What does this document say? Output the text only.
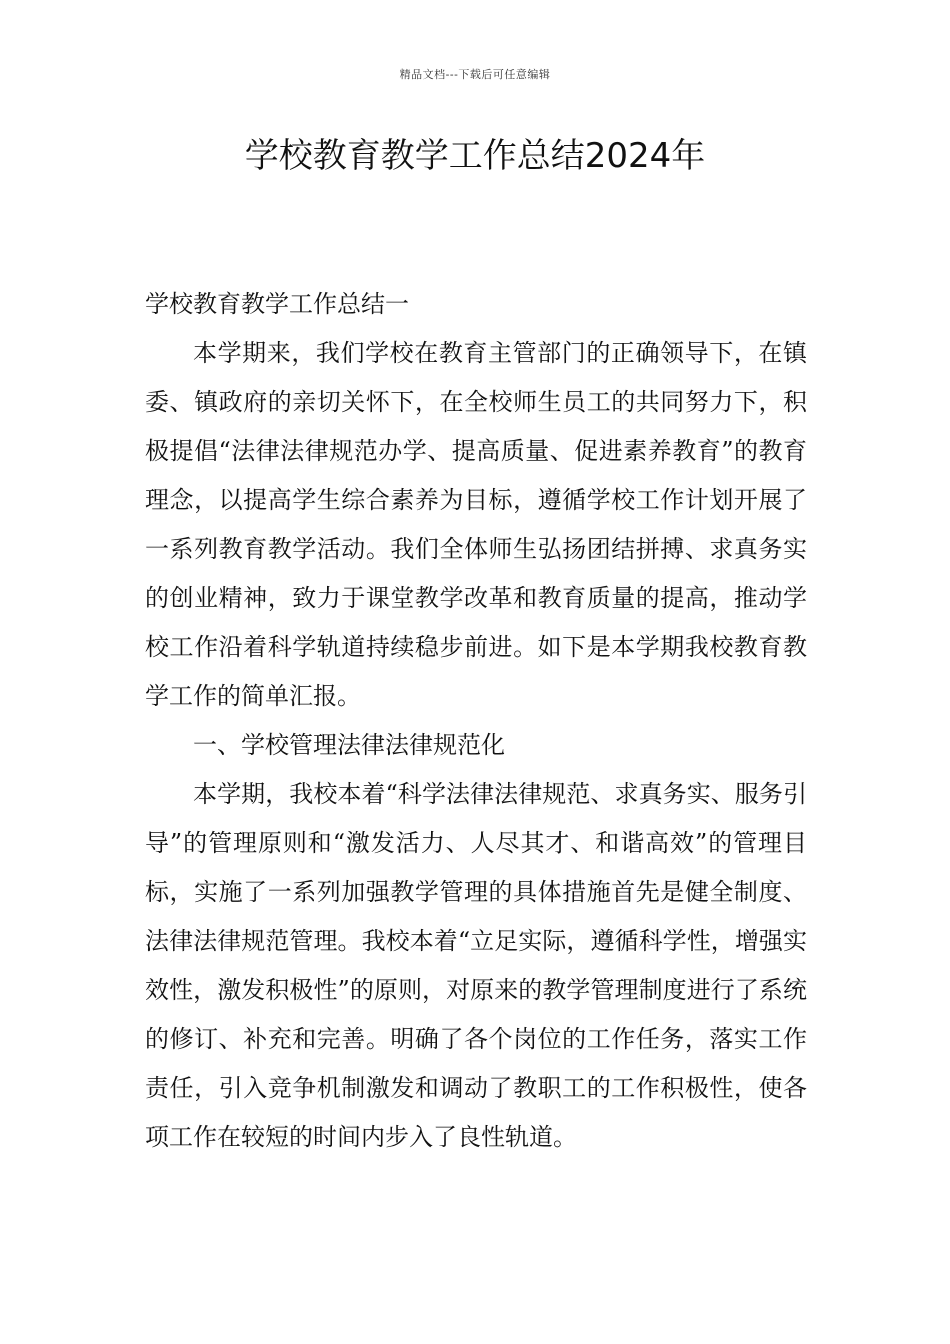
精品文档---下载后可任意编辑
学校教育教学工作总结2024年

学校教育教学工作总结一

本学期来，我们学校在教育主管部门的正确领导下，在镇委、镇政府的亲切关怀下，在全校师生员工的共同努力下，积极提倡“法律法律规范办学、提高质量、促进素养教育”的教育理念，以提高学生综合素养为目标，遵循学校工作计划开展了一系列教育教学活动。我们全体师生弘扬团结拼搏、求真务实的创业精神，致力于课堂教学改革和教育质量的提高，推动学校工作沿着科学轨道持续稳步前进。如下是本学期我校教育教学工作的简单汇报。

一、学校管理法律法律规范化

本学期，我校本着“科学法律法律规范、求真务实、服务引导”的管理原则和“激发活力、人尽其才、和谐高效”的管理目标，实施了一系列加强教学管理的具体措施首先是健全制度、法律法律规范管理。我校本着“立足实际，遵循科学性，增强实效性，激发积极性”的原则，对原来的教学管理制度进行了系统的修订、补充和完善。明确了各个岗位的工作任务，落实工作责任，引入竞争机制激发和调动了教职工的工作积极性，使各项工作在较短的时间内步入了良性轨道。
